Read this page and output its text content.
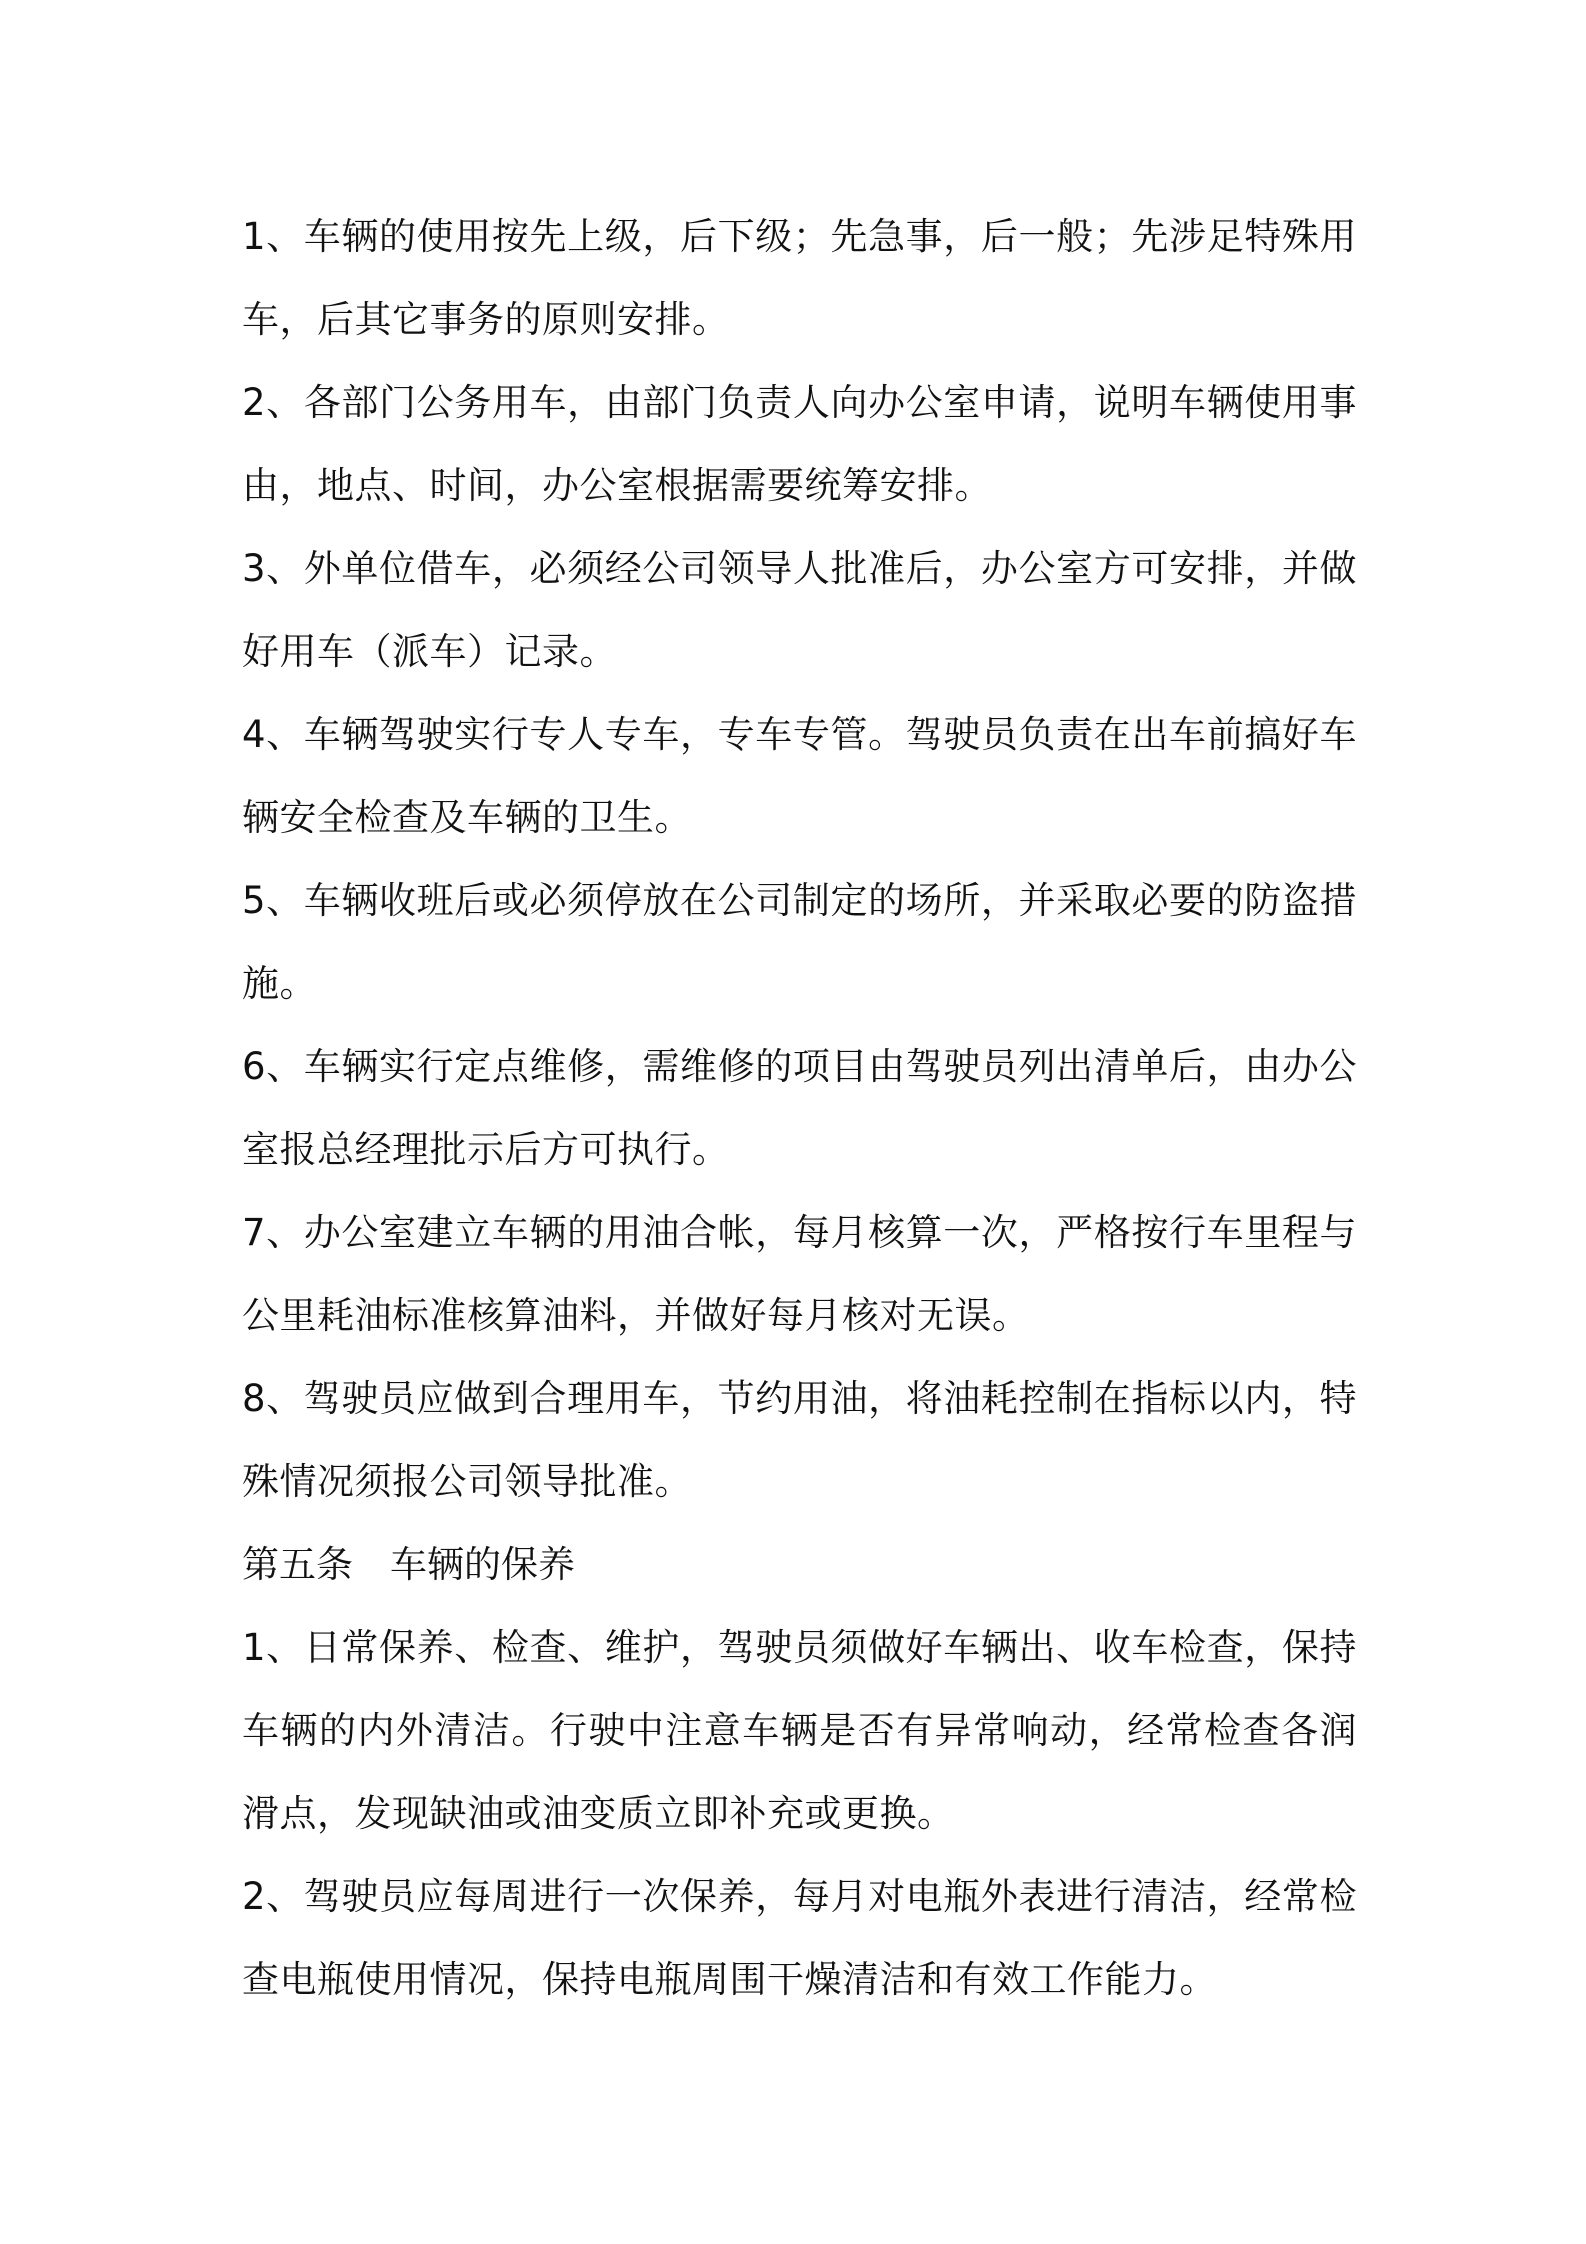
1、车辆的使用按先上级，后下级；先急事，后一般；先涉足特殊用车，后其它事务的原则安排。

2、各部门公务用车，由部门负责人向办公室申请，说明车辆使用事由，地点、时间，办公室根据需要统筹安排。

3、外单位借车，必须经公司领导人批准后，办公室方可安排，并做好用车（派车）记录。

4、车辆驾驶实行专人专车，专车专管。驾驶员负责在出车前搞好车辆安全检查及车辆的卫生。

5、车辆收班后或必须停放在公司制定的场所，并采取必要的防盗措施。

6、车辆实行定点维修，需维修的项目由驾驶员列出清单后，由办公室报总经理批示后方可执行。

7、办公室建立车辆的用油合帐，每月核算一次，严格按行车里程与公里耗油标准核算油料，并做好每月核对无误。

8、驾驶员应做到合理用车，节约用油，将油耗控制在指标以内，特殊情况须报公司领导批准。

第五条　车辆的保养

1、日常保养、检查、维护，驾驶员须做好车辆出、收车检查，保持车辆的内外清洁。行驶中注意车辆是否有异常响动，经常检查各润滑点，发现缺油或油变质立即补充或更换。

2、驾驶员应每周进行一次保养，每月对电瓶外表进行清洁，经常检查电瓶使用情况，保持电瓶周围干燥清洁和有效工作能力。
